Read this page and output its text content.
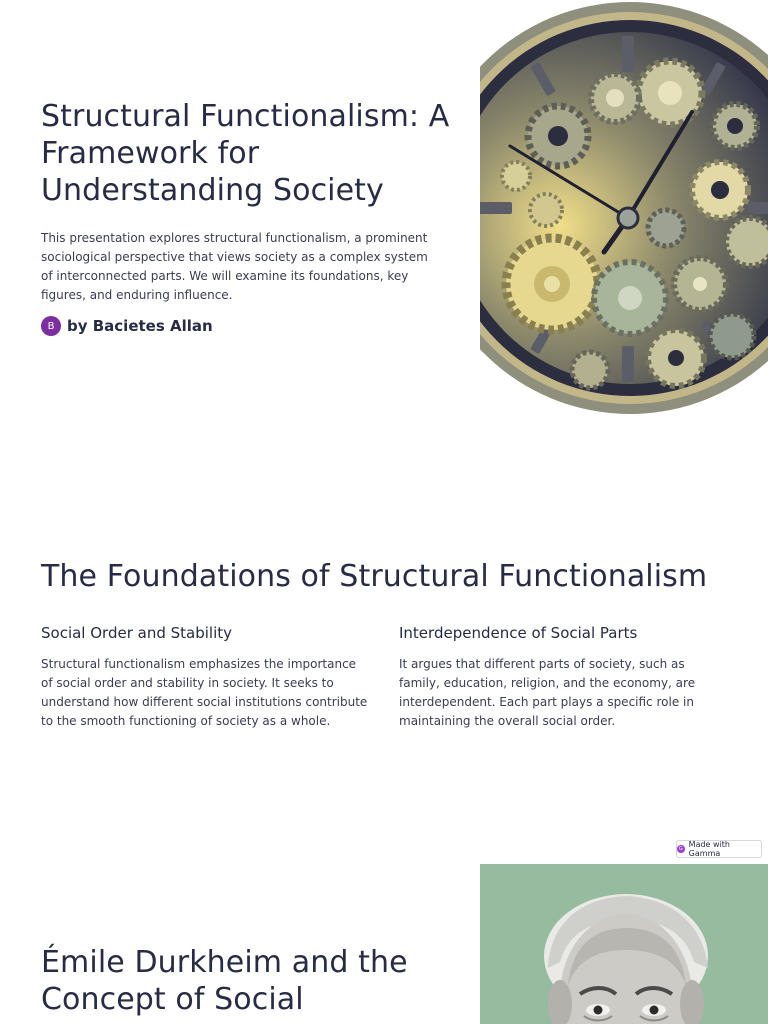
Structural Functionalism: A Framework for Understanding Society

This presentation explores structural functionalism, a prominent sociological perspective that views society as a complex system of interconnected parts. We will examine its foundations, key figures, and enduring influence.

B by Bacietes Allan
The Foundations of Structural Functionalism
Social Order and Stability

Structural functionalism emphasizes the importance of social order and stability in society. It seeks to understand how different social institutions contribute to the smooth functioning of society as a whole.

Interdependence of Social Parts

It argues that different parts of society, such as family, education, religion, and the economy, are interdependent. Each part plays a specific role in maintaining the overall social order.

G Made with Gamma
Émile Durkheim and the Concept of Social
